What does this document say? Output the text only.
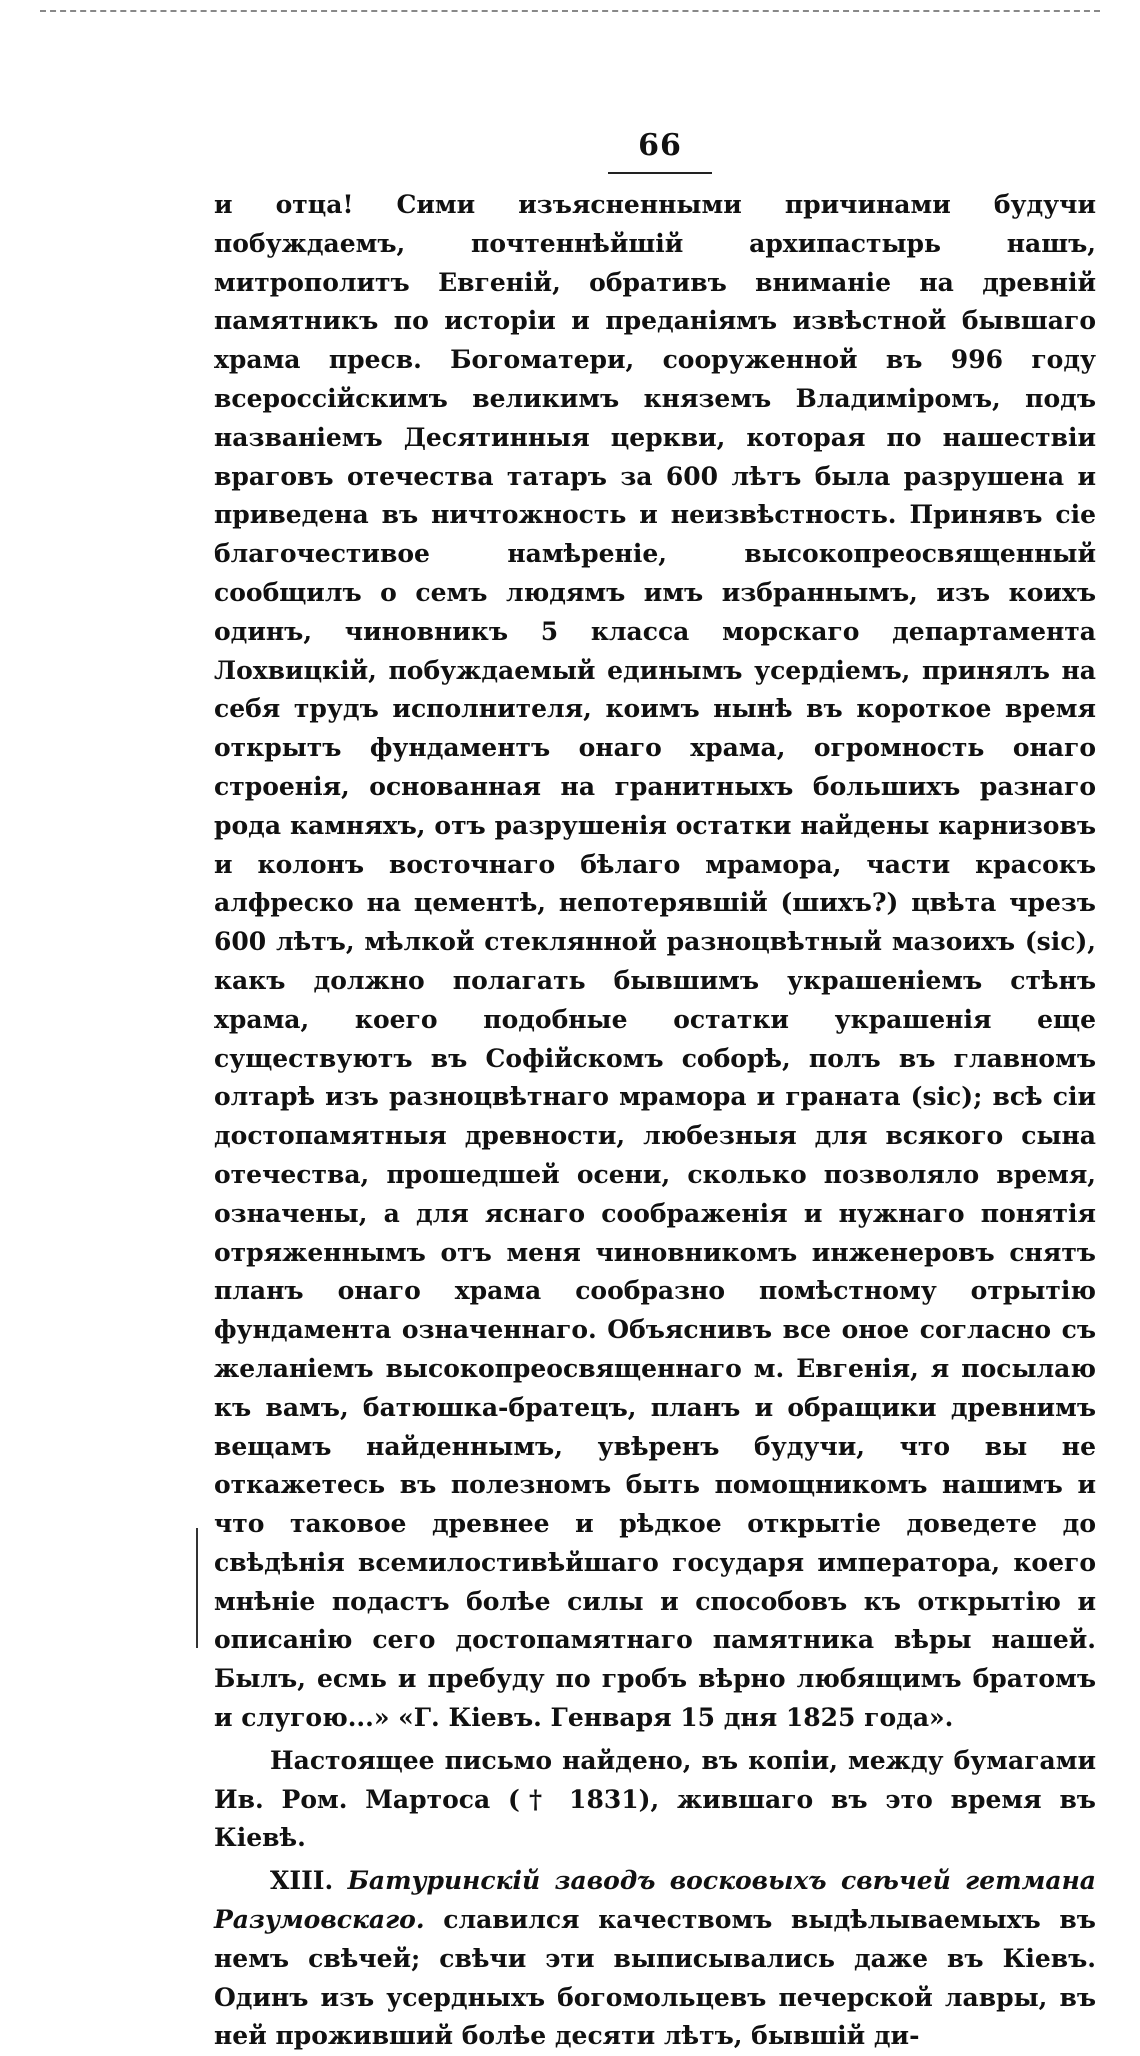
66

и отца! Сими изъясненными причинами будучи побуждаемъ, почтеннѣйшій архипастырь нашъ, митрополитъ Евгеній, обративъ вниманіе на древній памятникъ по исторіи и преданіямъ извѣстной бывшаго храма пресв. Богоматери, сооруженной въ 996 году всероссійскимъ великимъ княземъ Владиміромъ, подъ названіемъ Десятинныя церкви, которая по нашествіи враговъ отечества татаръ за 600 лѣтъ была разрушена и приведена въ ничтожность и неизвѣстность. Принявъ сіе благочестивое намѣреніе, высокопреосвященный сообщилъ о семъ людямъ имъ избраннымъ, изъ коихъ одинъ, чиновникъ 5 класса морскаго департамента Лохвицкій, побуждаемый единымъ усердіемъ, принялъ на себя трудъ исполнителя, коимъ нынѣ въ короткое время открытъ фундаментъ онаго храма, огромность онаго строенія, основанная на гранитныхъ большихъ разнаго рода камняхъ, отъ разрушенія остатки найдены карнизовъ и колонъ восточнаго бѣлаго мрамора, части красокъ алфреско на цементѣ, непотерявшій (шихъ?) цвѣта чрезъ 600 лѣтъ, мѣлкой стеклянной разноцвѣтный мазоихъ (sic), какъ должно полагать бывшимъ украшеніемъ стѣнъ храма, коего подобные остатки украшенія еще существуютъ въ Софійскомъ соборѣ, полъ въ главномъ олтарѣ изъ разноцвѣтнаго мрамора и граната (sic); всѣ сіи достопамятныя древности, любезныя для всякого сына отечества, прошедшей осени, сколько позволяло время, означены, а для яснаго соображенія и нужнаго понятія отряженнымъ отъ меня чиновникомъ инженеровъ снятъ планъ онаго храма сообразно помѣстному отрытію фундамента означеннаго. Объяснивъ все оное согласно съ желаніемъ высокопреосвященнаго м. Евгенія, я посылаю къ вамъ, батюшка-братецъ, планъ и обращики древнимъ вещамъ найденнымъ, увѣренъ будучи, что вы не откажетесь въ полезномъ быть помощникомъ нашимъ и что таковое древнее и рѣдкое открытіе доведете до свѣдѣнія всемилостивѣйшаго государя императора, коего мнѣніе подастъ болѣе силы и способовъ къ открытію и описанію сего достопамятнаго памятника вѣры нашей. Былъ, есмь и пребуду по гробъ вѣрно любящимъ братомъ и слугою...» «Г. Кіевъ. Генваря 15 дня 1825 года».

Настоящее письмо найдено, въ копіи, между бумагами Ив. Ром. Мартоса († 1831), жившаго въ это время въ Кіевѣ.

XIII. Батуринскій заводъ восковыхъ свѣчей гетмана Разумовскаго. славился качествомъ выдѣлываемыхъ въ немъ свѣчей; свѣчи эти выписывались даже въ Кіевъ. Одинъ изъ усердныхъ богомольцевъ печерской лавры, въ ней проживший болѣе десяти лѣтъ, бывшій ди-
